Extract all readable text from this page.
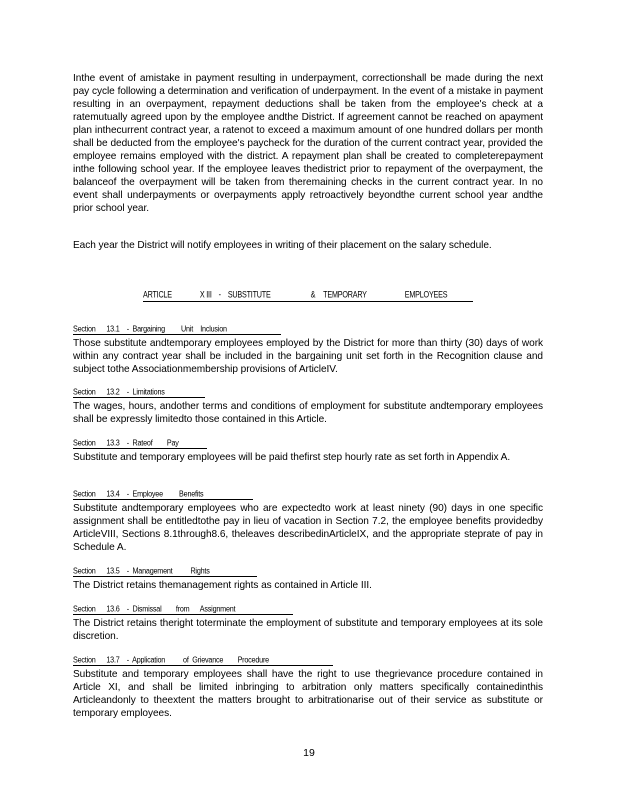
Inthe event of amistake in payment resulting in underpayment, correctionshall be made during the next pay cycle following a determination and verification of underpayment. In the event of a mistake in payment resulting in an overpayment, repayment deductions shall be taken from the employee's check at a ratemutually agreed upon by the employee andthe District. If agreement cannot be reached on apayment plan inthecurrent contract year, a ratenot to exceed a maximum amount of one hundred dollars per month shall be deducted from the employee's paycheck for the duration of the current contract year, provided the employee remains employed with the district. A repayment plan shall be created to completerepayment inthe following school year. If the employee leaves thedistrict prior to repayment of the overpayment, the balanceof the overpayment will be taken from theremaining checks in the current contract year. In no event shall underpayments or overpayments apply retroactively beyondthe current school year andthe prior school year.

Each year the District will notify employees in writing of their placement on the salary schedule.

ARTICLE	X III - SUBSTITUTE	& TEMPORARY	EMPLOYEES
Section      13.1    -  Bargaining         Unit    Inclusion

Those substitute andtemporary employees employed by the District for more than thirty (30) days of work within any contract year shall be included in the bargaining unit set forth in the Recognition clause and subject tothe Associationmembership provisions of ArticleIV.

Section      13.2    -  Limitations

The wages, hours, andother terms and conditions of employment for substitute andtemporary employees shall be expressly limitedto those contained in this Article.

Section      13.3    -  Rateof        Pay

Substitute and temporary employees will be paid thefirst step hourly rate as set forth in Appendix A.

Section      13.4    -  Employee         Benefits

Substitute andtemporary employees who are expectedto work at least ninety (90) days in one specific assignment shall be entitledtothe pay in lieu of vacation in Section 7.2, the employee benefits providedby ArticleVIII, Sections 8.1through8.6, theleaves describedinArticleIX, and the appropriate steprate of pay in Schedule A.

Section      13.5    -  Management          Rights

The District retains themanagement rights as contained in Article III.

Section      13.6    -  Dismissal        from      Assignment

The District retains theright toterminate the employment of substitute and temporary employees at its sole discretion.

Section      13.7    -  Application          of  Grievance        Procedure

Substitute and temporary employees shall have the right to use thegrievance procedure contained in Article XI, and shall be limited inbringing to arbitration only matters specifically containedinthis Articleandonly to theextent the matters brought to arbitrationarise out of their service as substitute or temporary employees.

19
